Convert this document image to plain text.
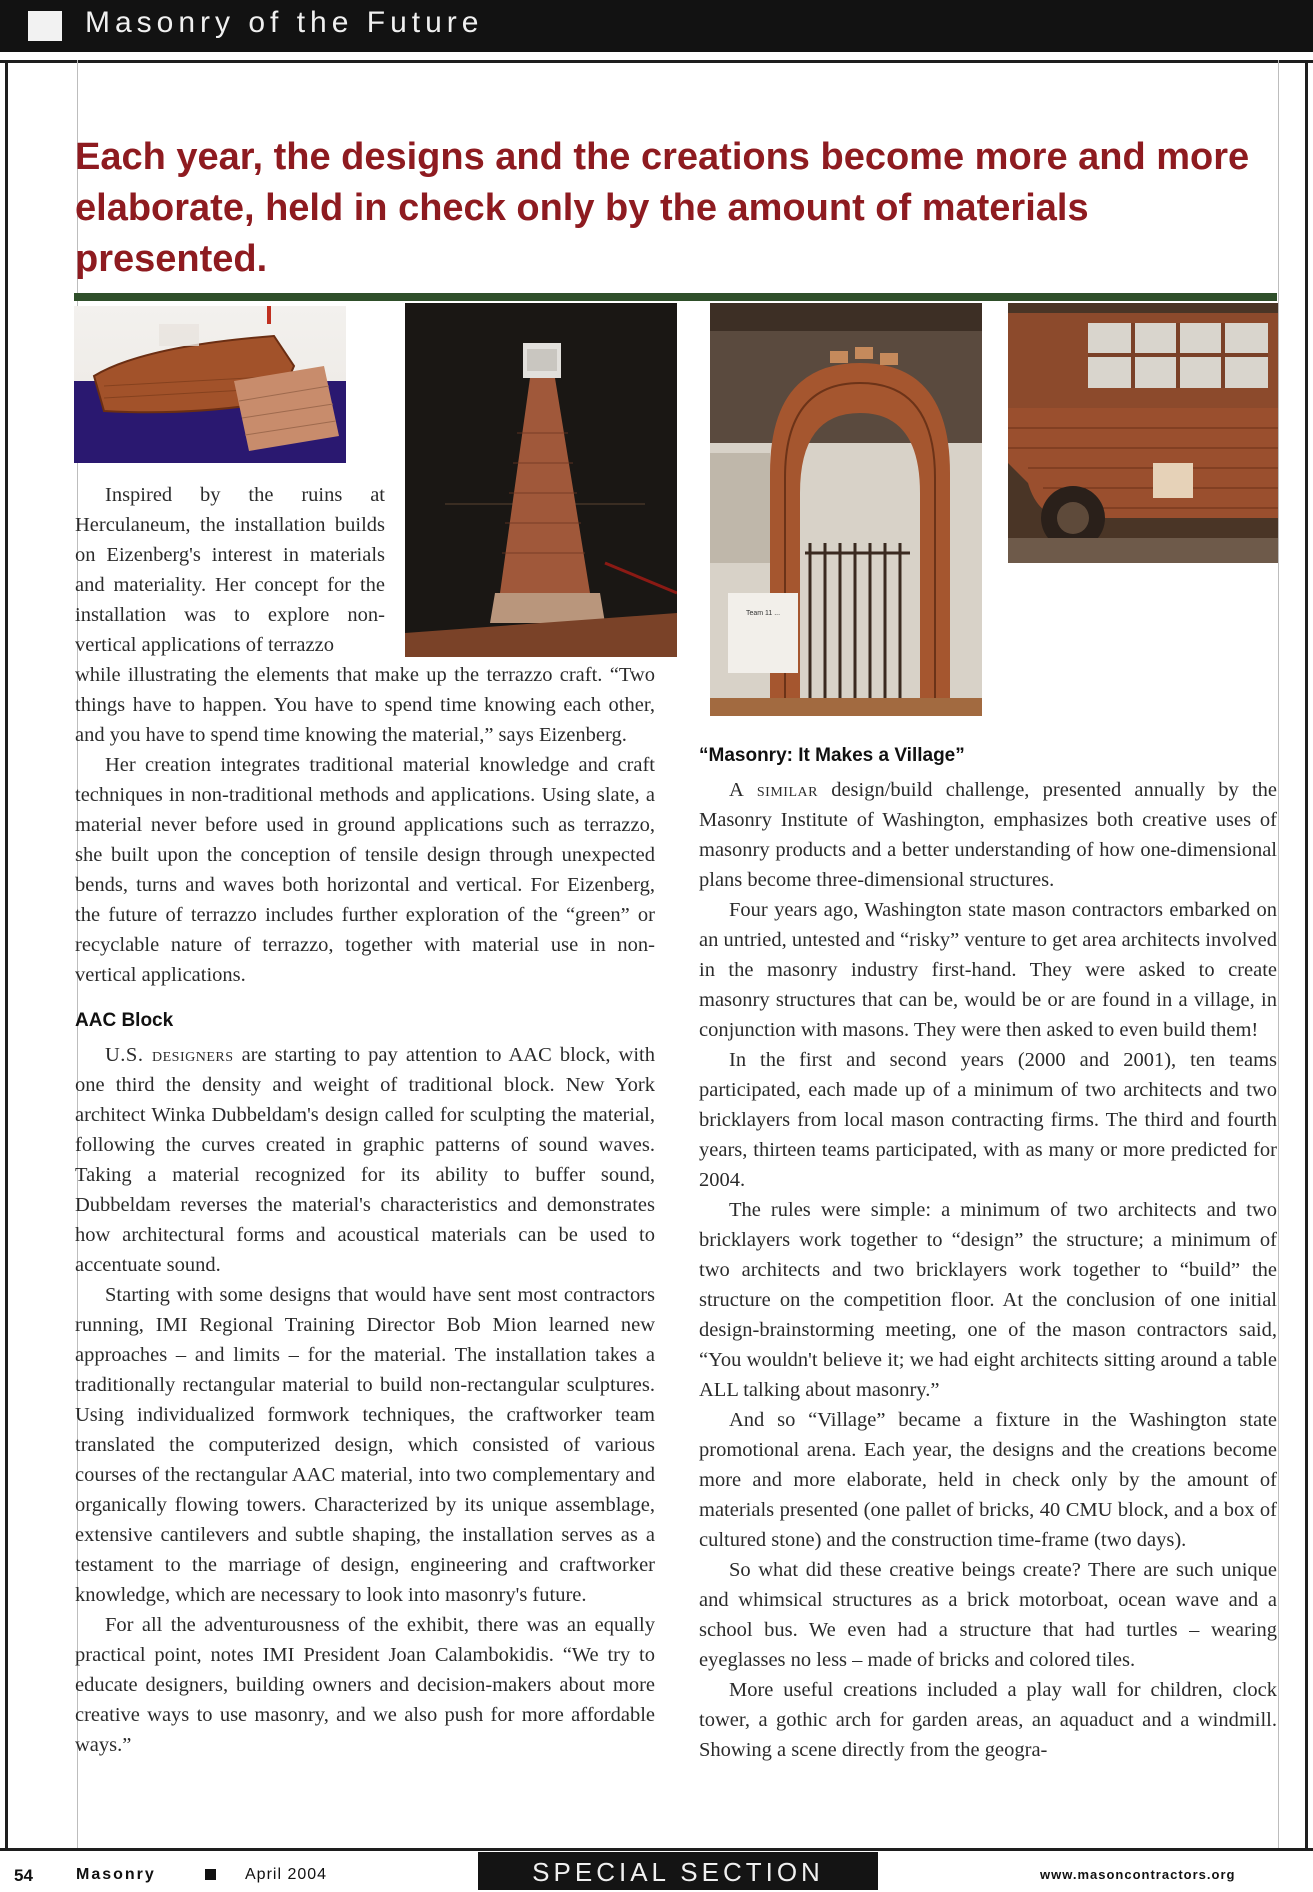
Masonry of the Future
Each year, the designs and the creations become more and more elaborate, held in check only by the amount of materials presented.
Team 11 ...

Inspired by the ruins at Herculaneum, the installation builds on Eizenberg's interest in materials and materiality. Her concept for the installation was to explore non-vertical applications of terrazzo

while illustrating the elements that make up the terrazzo craft. “Two things have to happen. You have to spend time knowing each other, and you have to spend time knowing the material,” says Eizenberg.

Her creation integrates traditional material knowledge and craft techniques in non-traditional methods and applications. Using slate, a material never before used in ground applications such as terrazzo, she built upon the conception of tensile design through unexpected bends, turns and waves both horizontal and vertical. For Eizenberg, the future of terrazzo includes further exploration of the “green” or recyclable nature of terrazzo, together with material use in non-vertical applications.

AAC Block

U.S. designers are starting to pay attention to AAC block, with one third the density and weight of traditional block. New York architect Winka Dubbeldam's design called for sculpting the material, following the curves created in graphic patterns of sound waves. Taking a material recognized for its ability to buffer sound, Dubbeldam reverses the material's characteristics and demonstrates how architectural forms and acoustical materials can be used to accentuate sound.

Starting with some designs that would have sent most contractors running, IMI Regional Training Director Bob Mion learned new approaches – and limits – for the material. The installation takes a traditionally rectangular material to build non-rectangular sculptures. Using individualized formwork techniques, the craftworker team translated the computerized design, which consisted of various courses of the rectangular AAC material, into two complementary and organically flowing towers. Characterized by its unique assemblage, extensive cantilevers and subtle shaping, the installation serves as a testament to the marriage of design, engineering and craftworker knowledge, which are necessary to look into masonry's future.

For all the adventurousness of the exhibit, there was an equally practical point, notes IMI President Joan Calambokidis. “We try to educate designers, building owners and decision-makers about more creative ways to use masonry, and we also push for more affordable ways.”

“Masonry: It Makes a Village”

A similar design/build challenge, presented annually by the Masonry Institute of Washington, emphasizes both creative uses of masonry products and a better understanding of how one-dimensional plans become three-dimensional structures.

Four years ago, Washington state mason contractors embarked on an untried, untested and “risky” venture to get area architects involved in the masonry industry first-hand. They were asked to create masonry structures that can be, would be or are found in a village, in conjunction with masons. They were then asked to even build them!

In the first and second years (2000 and 2001), ten teams participated, each made up of a minimum of two architects and two bricklayers from local mason contracting firms. The third and fourth years, thirteen teams participated, with as many or more predicted for 2004.

The rules were simple: a minimum of two architects and two bricklayers work together to “design” the structure; a minimum of two architects and two bricklayers work together to “build” the structure on the competition floor. At the conclusion of one initial design-brainstorming meeting, one of the mason contractors said, “You wouldn't believe it; we had eight architects sitting around a table ALL talking about masonry.”

And so “Village” became a fixture in the Washington state promotional arena. Each year, the designs and the creations become more and more elaborate, held in check only by the amount of materials presented (one pallet of bricks, 40 CMU block, and a box of cultured stone) and the construction time-frame (two days).

So what did these creative beings create? There are such unique and whimsical structures as a brick motorboat, ocean wave and a school bus. We even had a structure that had turtles – wearing eyeglasses no less – made of bricks and colored tiles.

More useful creations included a play wall for children, clock tower, a gothic arch for garden areas, an aquaduct and a windmill. Showing a scene directly from the geogra-

54	Masonry	April 2004	SPECIAL SECTION	www.masoncontractors.org
